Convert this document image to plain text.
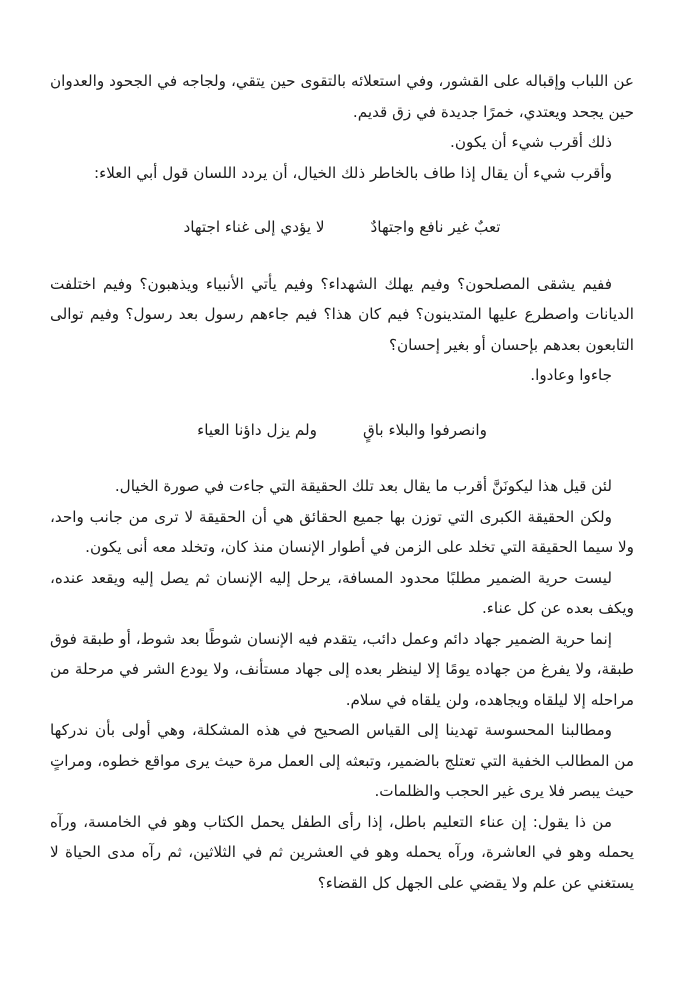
عن اللباب وإقباله على القشور، وفي استعلائه بالتقوى حين يتقي، ولجاجه في الجحود والعدوان حين يجحد ويعتدي، خمرًا جديدة في زق قديم.

ذلك أقرب شيء أن يكون.

وأقرب شيء أن يقال إذا طاف بالخاطر ذلك الخيال، أن يردد اللسان قول أبي العلاء:

تعبٌ غير نافع واجتهادٌ
لا يؤدي إلى غناء اجتهاد

ففيم يشقى المصلحون؟ وفيم يهلك الشهداء؟ وفيم يأتي الأنبياء ويذهبون؟ وفيم اختلفت الديانات واصطرع عليها المتدينون؟ فيم كان هذا؟ فيم جاءهم رسول بعد رسول؟ وفيم توالى التابعون بعدهم بإحسان أو بغير إحسان؟

جاءوا وعادوا.

وانصرفوا والبلاء باقٍ
ولم يزل داؤنا العياء

لئن قيل هذا ليكونَنَّ أقرب ما يقال بعد تلك الحقيقة التي جاءت في صورة الخيال.

ولكن الحقيقة الكبرى التي توزن بها جميع الحقائق هي أن الحقيقة لا ترى من جانب واحد، ولا سيما الحقيقة التي تخلد على الزمن في أطوار الإنسان منذ كان، وتخلد معه أنى يكون.

ليست حرية الضمير مطلبًا محدود المسافة، يرحل إليه الإنسان ثم يصل إليه ويقعد عنده، ويكف بعده عن كل عناء.

إنما حرية الضمير جهاد دائم وعمل دائب، يتقدم فيه الإنسان شوطًا بعد شوط، أو طبقة فوق طبقة، ولا يفرغ من جهاده يومًا إلا لينظر بعده إلى جهاد مستأنف، ولا يودع الشر في مرحلة من مراحله إلا ليلقاه ويجاهده، ولن يلقاه في سلام.

ومطالبنا المحسوسة تهدينا إلى القياس الصحيح في هذه المشكلة، وهي أولى بأن ندركها من المطالب الخفية التي تعتلج بالضمير، وتبعثه إلى العمل مرة حيث يرى مواقع خطوه، ومراتٍ حيث يبصر فلا يرى غير الحجب والظلمات.

من ذا يقول: إن عناء التعليم باطل، إذا رأى الطفل يحمل الكتاب وهو في الخامسة، ورآه يحمله وهو في العاشرة، ورآه يحمله وهو في العشرين ثم في الثلاثين، ثم رآه مدى الحياة لا يستغني عن علم ولا يقضي على الجهل كل القضاء؟
